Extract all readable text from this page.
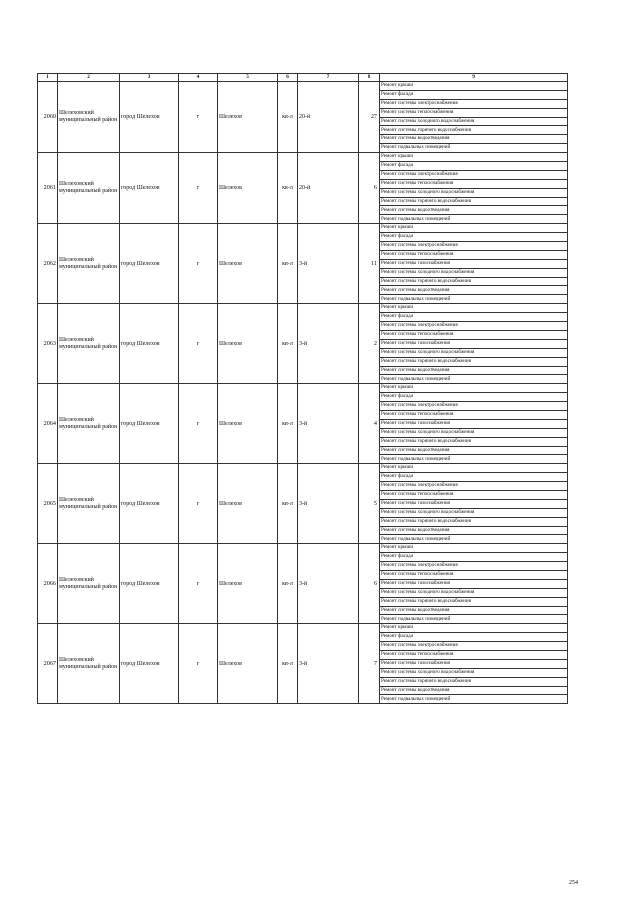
1	2	3	4	5	6	7	8	9
2060	Шелеховский муниципальный район	город Шелехов	г	Шелехов	кв-л	20-й	27	Ремонт крыши
								Ремонт фасада
								Ремонт системы электроснабжения
								Ремонт системы теплоснабжения
								Ремонт системы холодного водоснабжения
								Ремонт системы горячего водоснабжения
								Ремонт системы водоотведения
								Ремонт подвальных помещений
2061	Шелеховский муниципальный район	город Шелехов	г	Шелехов	кв-л	20-й	6	Ремонт крыши
								Ремонт фасада
								Ремонт системы электроснабжения
								Ремонт системы теплоснабжения
								Ремонт системы холодного водоснабжения
								Ремонт системы горячего водоснабжения
								Ремонт системы водоотведения
								Ремонт подвальных помещений
2062	Шелеховский муниципальный район	город Шелехов	г	Шелехов	кв-л	3-й	11	Ремонт крыши
								Ремонт фасада
								Ремонт системы электроснабжения
								Ремонт системы теплоснабжения
								Ремонт системы газоснабжения
								Ремонт системы холодного водоснабжения
								Ремонт системы горячего водоснабжения
								Ремонт системы водоотведения
								Ремонт подвальных помещений
2063	Шелеховский муниципальный район	город Шелехов	г	Шелехов	кв-л	3-й	2	Ремонт крыши
								Ремонт фасада
								Ремонт системы электроснабжения
								Ремонт системы теплоснабжения
								Ремонт системы газоснабжения
								Ремонт системы холодного водоснабжения
								Ремонт системы горячего водоснабжения
								Ремонт системы водоотведения
								Ремонт подвальных помещений
2064	Шелеховский муниципальный район	город Шелехов	г	Шелехов	кв-л	3-й	4	Ремонт крыши
								Ремонт фасада
								Ремонт системы электроснабжения
								Ремонт системы теплоснабжения
								Ремонт системы газоснабжения
								Ремонт системы холодного водоснабжения
								Ремонт системы горячего водоснабжения
								Ремонт системы водоотведения
								Ремонт подвальных помещений
2065	Шелеховский муниципальный район	город Шелехов	г	Шелехов	кв-л	3-й	5	Ремонт крыши
								Ремонт фасада
								Ремонт системы электроснабжения
								Ремонт системы теплоснабжения
								Ремонт системы газоснабжения
								Ремонт системы холодного водоснабжения
								Ремонт системы горячего водоснабжения
								Ремонт системы водоотведения
								Ремонт подвальных помещений
2066	Шелеховский муниципальный район	город Шелехов	г	Шелехов	кв-л	3-й	6	Ремонт крыши
								Ремонт фасада
								Ремонт системы электроснабжения
								Ремонт системы теплоснабжения
								Ремонт системы газоснабжения
								Ремонт системы холодного водоснабжения
								Ремонт системы горячего водоснабжения
								Ремонт системы водоотведения
								Ремонт подвальных помещений
2067	Шелеховский муниципальный район	город Шелехов	г	Шелехов	кв-л	3-й	7	Ремонт крыши
								Ремонт фасада
								Ремонт системы электроснабжения
								Ремонт системы теплоснабжения
								Ремонт системы газоснабжения
								Ремонт системы холодного водоснабжения
								Ремонт системы горячего водоснабжения
								Ремонт системы водоотведения
								Ремонт подвальных помещений
254
